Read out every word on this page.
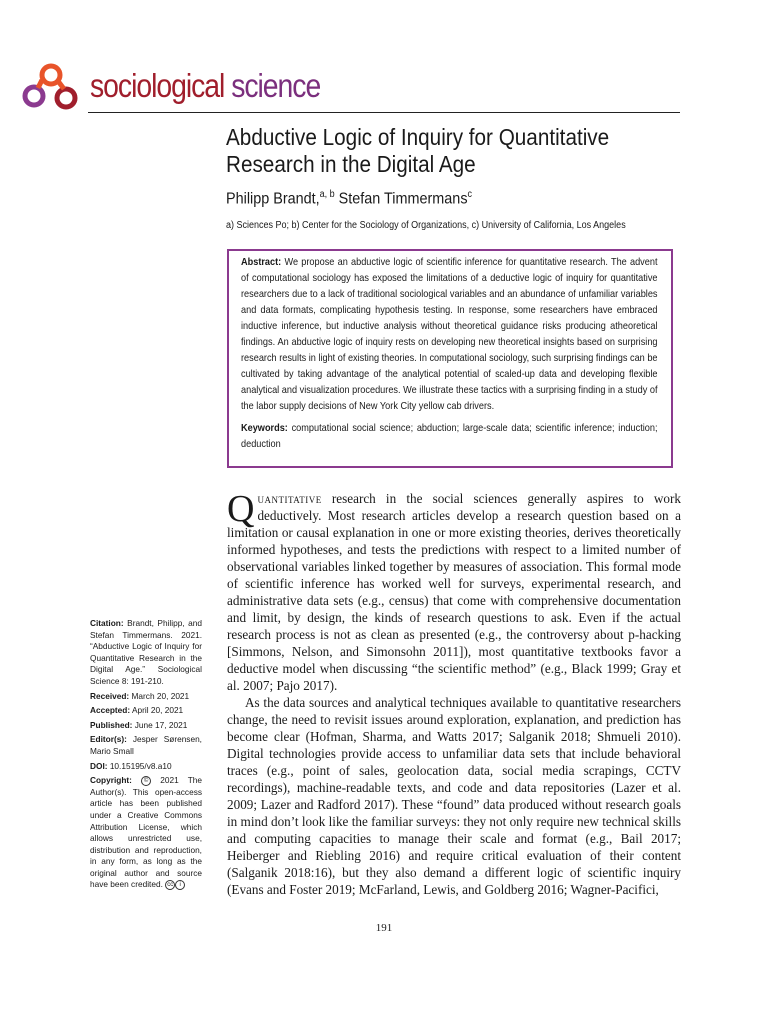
sociological science
Abductive Logic of Inquiry for Quantitative Research in the Digital Age
Philipp Brandt,$^{a, b}$ Stefan Timmermans$^c$
a) Sciences Po; b) Center for the Sociology of Organizations, c) University of California, Los Angeles
Abstract: We propose an abductive logic of scientific inference for quantitative research. The advent of computational sociology has exposed the limitations of a deductive logic of inquiry for quantitative researchers due to a lack of traditional sociological variables and an abundance of unfamiliar variables and data formats, complicating hypothesis testing. In response, some researchers have embraced inductive inference, but inductive analysis without theoretical guidance risks producing atheoretical findings. An abductive logic of inquiry rests on developing new theoretical insights based on surprising research results in light of existing theories. In computational sociology, such surprising findings can be cultivated by taking advantage of the analytical potential of scaled-up data and developing flexible analytical and visualization procedures. We illustrate these tactics with a surprising finding in a study of the labor supply decisions of New York City yellow cab drivers.
Keywords: computational social science; abduction; large-scale data; scientific inference; induction; deduction
Citation: Brandt, Philipp, and Stefan Timmermans. 2021. “Abductive Logic of Inquiry for Quantitative Research in the Digital Age.” Sociological Science 8: 191-210.
Received: March 20, 2021
Accepted: April 20, 2021
Published: June 17, 2021
Editor(s): Jesper Sørensen, Mario Small
DOI: 10.15195/v8.a10
Copyright: © 2021 The Author(s). This open-access article has been published under a Creative Commons Attribution License, which allows unrestricted use, distribution and reproduction, in any form, as long as the original author and source have been credited. cc i

Quantitative research in the social sciences generally aspires to work deductively. Most research articles develop a research question based on a limitation or causal explanation in one or more existing theories, derives theoretically informed hypotheses, and tests the predictions with respect to a limited number of observational variables linked together by measures of association. This formal mode of scientific inference has worked well for surveys, experimental research, and administrative data sets (e.g., census) that come with comprehensive documentation and limit, by design, the kinds of research questions to ask. Even if the actual research process is not as clean as presented (e.g., the controversy about p-hacking [Simmons, Nelson, and Simonsohn 2011]), most quantitative textbooks favor a deductive model when discussing “the scientific method” (e.g., Black 1999; Gray et al. 2007; Pajo 2017).

As the data sources and analytical techniques available to quantitative researchers change, the need to revisit issues around exploration, explanation, and prediction has become clear (Hofman, Sharma, and Watts 2017; Salganik 2018; Shmueli 2010). Digital technologies provide access to unfamiliar data sets that include behavioral traces (e.g., point of sales, geolocation data, social media scrapings, CCTV recordings), machine-readable texts, and code and data repositories (Lazer et al. 2009; Lazer and Radford 2017). These “found” data produced without research goals in mind don’t look like the familiar surveys: they not only require new technical skills and computing capacities to manage their scale and format (e.g., Bail 2017; Heiberger and Riebling 2016) and require critical evaluation of their content (Salganik 2018:16), but they also demand a different logic of scientific inquiry (Evans and Foster 2019; McFarland, Lewis, and Goldberg 2016; Wagner-Pacifici,

191
